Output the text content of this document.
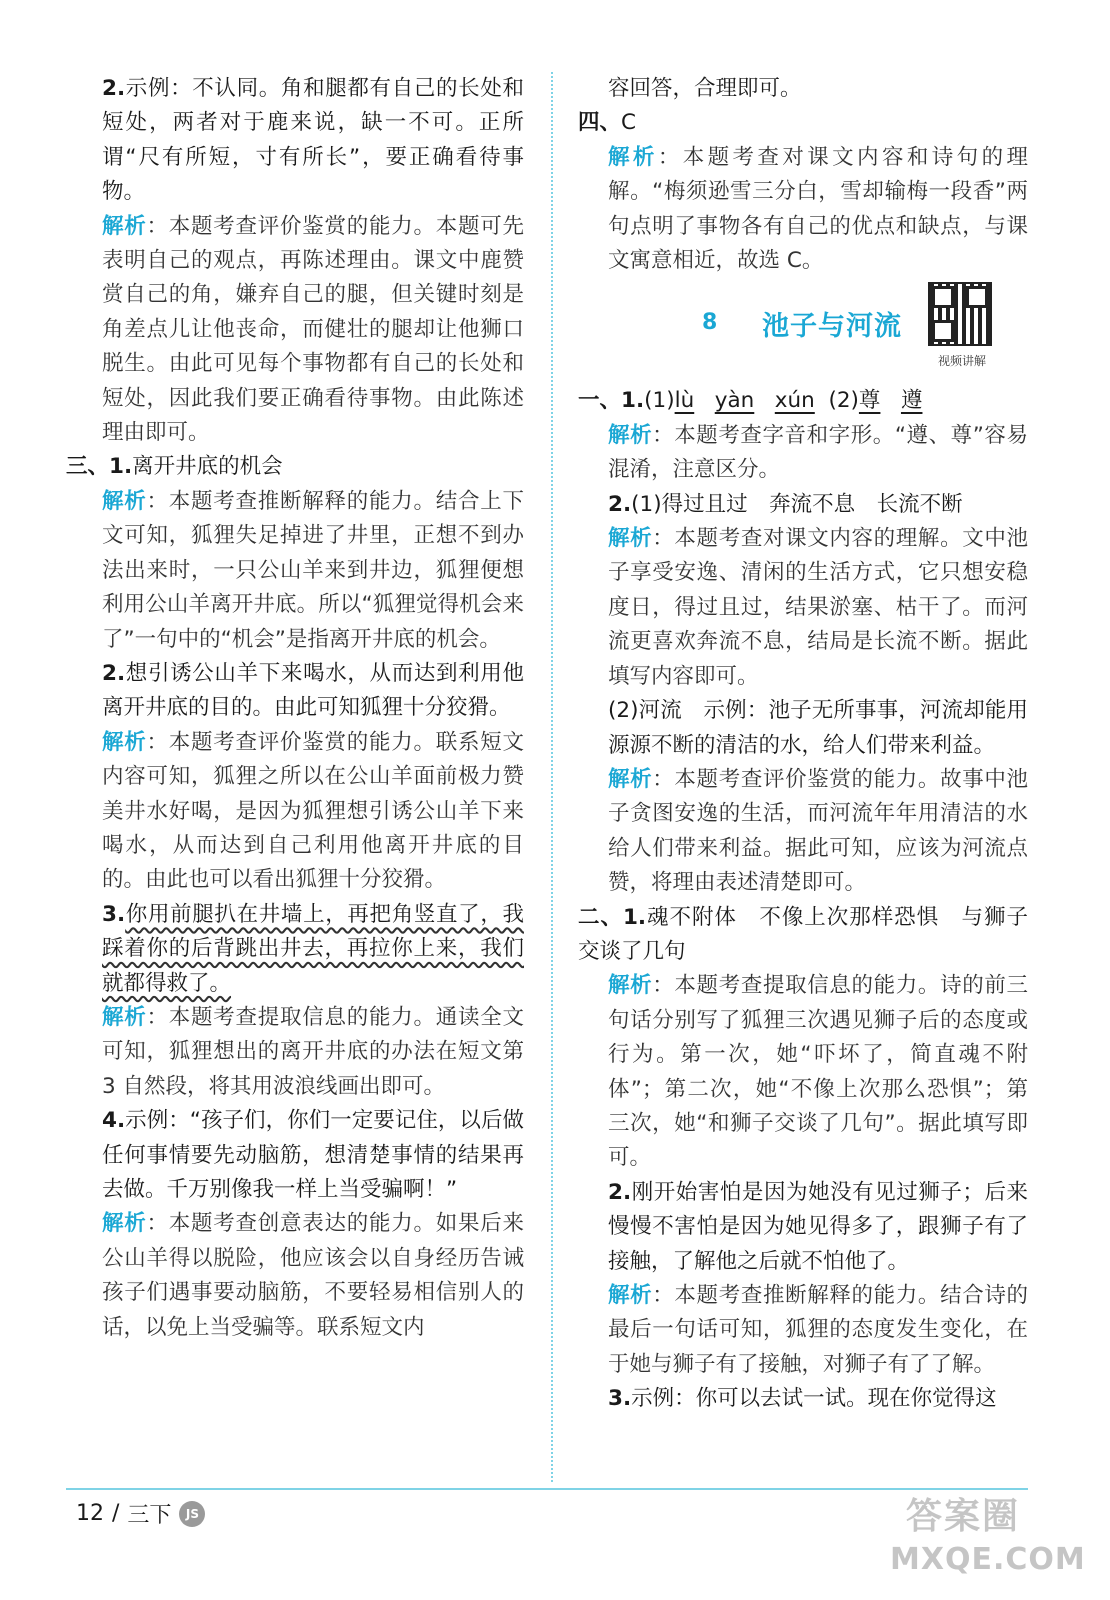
2.示例：不认同。角和腿都有自己的长处和短处，两者对于鹿来说，缺一不可。正所谓“尺有所短，寸有所长”，要正确看待事物。

解析：本题考查评价鉴赏的能力。本题可先表明自己的观点，再陈述理由。课文中鹿赞赏自己的角，嫌弃自己的腿，但关键时刻是角差点儿让他丧命，而健壮的腿却让他狮口脱生。由此可见每个事物都有自己的长处和短处，因此我们要正确看待事物。由此陈述理由即可。

三、1.离开井底的机会

解析：本题考查推断解释的能力。结合上下文可知，狐狸失足掉进了井里，正想不到办法出来时，一只公山羊来到井边，狐狸便想利用公山羊离开井底。所以“狐狸觉得机会来了”一句中的“机会”是指离开井底的机会。

2.想引诱公山羊下来喝水，从而达到利用他离开井底的目的。由此可知狐狸十分狡猾。

解析：本题考查评价鉴赏的能力。联系短文内容可知，狐狸之所以在公山羊面前极力赞美井水好喝，是因为狐狸想引诱公山羊下来喝水，从而达到自己利用他离开井底的目的。由此也可以看出狐狸十分狡猾。

3.你用前腿扒在井墙上，再把角竖直了，我踩着你的后背跳出井去，再拉你上来，我们就都得救了。

解析：本题考查提取信息的能力。通读全文可知，狐狸想出的离开井底的办法在短文第 3 自然段，将其用波浪线画出即可。

4.示例：“孩子们，你们一定要记住，以后做任何事情要先动脑筋，想清楚事情的结果再去做。千万别像我一样上当受骗啊！”

解析：本题考查创意表达的能力。如果后来公山羊得以脱险，他应该会以自身经历告诫孩子们遇事要动脑筋，不要轻易相信别人的话，以免上当受骗等。联系短文内

容回答，合理即可。

四、C

解析：本题考查对课文内容和诗句的理解。“梅须逊雪三分白，雪却输梅一段香”两句点明了事物各有自己的优点和缺点，与课文寓意相近，故选 C。

8 池子与河流
视频讲解

一、1.(1)lù yàn xún (2)尊 遵

解析：本题考查字音和字形。“遵、尊”容易混淆，注意区分。

2.(1)得过且过　奔流不息　长流不断

解析：本题考查对课文内容的理解。文中池子享受安逸、清闲的生活方式，它只想安稳度日，得过且过，结果淤塞、枯干了。而河流更喜欢奔流不息，结局是长流不断。据此填写内容即可。

(2)河流　示例：池子无所事事，河流却能用源源不断的清洁的水，给人们带来利益。

解析：本题考查评价鉴赏的能力。故事中池子贪图安逸的生活，而河流年年用清洁的水给人们带来利益。据此可知，应该为河流点赞，将理由表述清楚即可。

二、1.魂不附体　不像上次那样恐惧　与狮子交谈了几句

解析：本题考查提取信息的能力。诗的前三句话分别写了狐狸三次遇见狮子后的态度或行为。第一次，她“吓坏了，简直魂不附体”；第二次，她“不像上次那么恐惧”；第三次，她“和狮子交谈了几句”。据此填写即可。

2.刚开始害怕是因为她没有见过狮子；后来慢慢不害怕是因为她见得多了，跟狮子有了接触，了解他之后就不怕他了。

解析：本题考查推断解释的能力。结合诗的最后一句话可知，狐狸的态度发生变化，在于她与狮子有了接触，对狮子有了了解。

3.示例：你可以去试一试。现在你觉得这

12 / 三下	JS	答案圈
MXQE.COM
